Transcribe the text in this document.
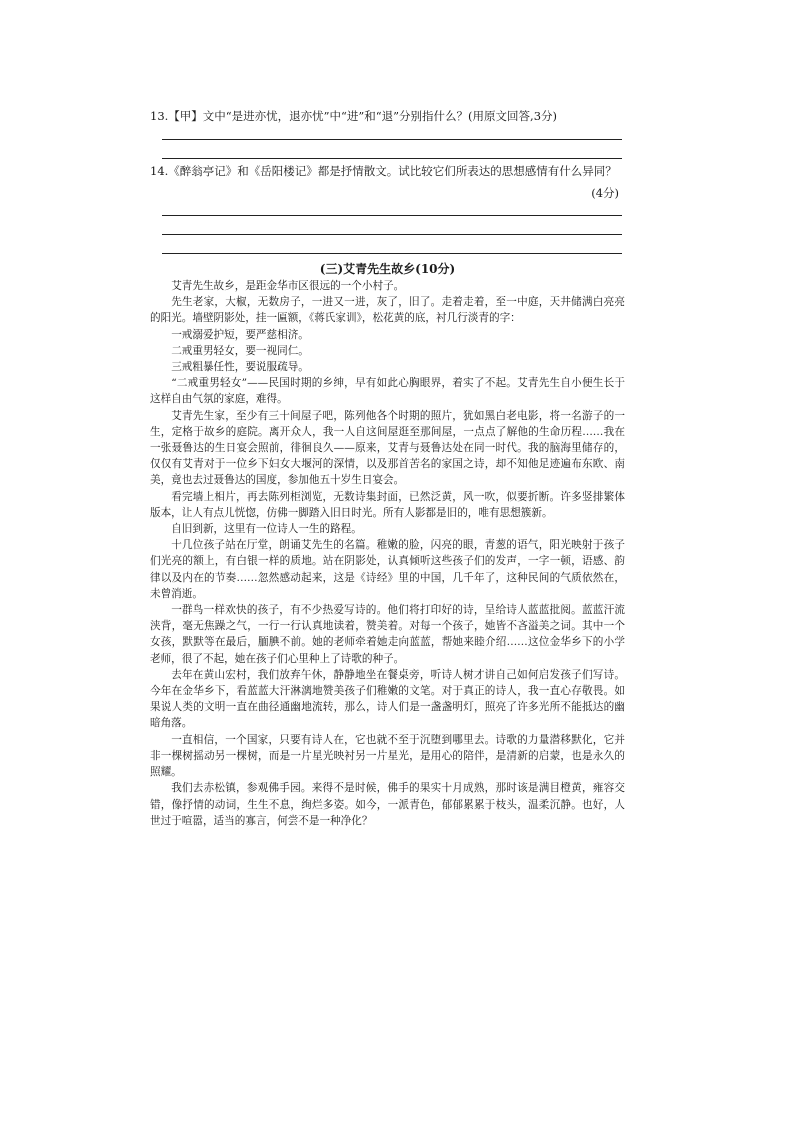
13.【甲】文中“是进亦忧，退亦忧”中“进”和“退”分别指什么？(用原文回答,3分)
14.《醉翁亭记》和《岳阳楼记》都是抒情散文。试比较它们所表达的思想感情有什么异同？
(4分)
(三)艾青先生故乡(10分)

艾青先生故乡，是距金华市区很远的一个小村子。

先生老家，大椒，无数房子，一进又一进，灰了，旧了。走着走着，至一中庭，天井储满白亮亮的阳光。墙壁阴影处，挂一匾额，《蒋氏家训》，松花黄的底，衬几行淡青的字：

一戒溺爱护短，要严慈相济。

二戒重男轻女，要一视同仁。

三戒粗暴任性，要说服疏导。

“二戒重男轻女”——民国时期的乡绅，早有如此心胸眼界，着实了不起。艾青先生自小便生长于这样自由气氛的家庭，难得。

艾青先生家，至少有三十间屋子吧，陈列他各个时期的照片，犹如黑白老电影，将一名游子的一生，定格于故乡的庭院。离开众人，我一人自这间屋逛至那间屋，一点点了解他的生命历程……我在一张聂鲁达的生日宴会照前，徘徊良久——原来，艾青与聂鲁达处在同一时代。我的脑海里储存的，仅仅有艾青对于一位乡下妇女大堰河的深情，以及那首苦名的家国之诗，却不知他足迹遍布东欧、南美，竟也去过聂鲁达的国度，参加他五十岁生日宴会。

看完墙上相片，再去陈列柜浏览，无数诗集封面，已然泛黄，风一吹，似要折断。许多竖排繁体版本，让人有点儿恍惚，仿佛一脚踏入旧日时光。所有人影都是旧的，唯有思想簇新。

自旧到新，这里有一位诗人一生的路程。

十几位孩子站在厅堂，朗诵艾先生的名篇。稚嫩的脸，闪亮的眼，青葱的语气，阳光映射于孩子们光亮的额上，有白银一样的质地。站在阴影处，认真倾听这些孩子们的发声，一字一顿，语感、韵律以及内在的节奏……忽然感动起来，这是《诗经》里的中国，几千年了，这种民间的气质依然在，未曾消逝。

一群鸟一样欢快的孩子，有不少热爱写诗的。他们将打印好的诗，呈给诗人蓝蓝批阅。蓝蓝汗流浃背，毫无焦躁之气，一行一行认真地读着，赞美着。对每一个孩子，她皆不吝溢美之词。其中一个女孩，默默等在最后，腼腆不前。她的老师牵着她走向蓝蓝，帮她来睦介绍……这位金华乡下的小学老师，很了不起，她在孩子们心里种上了诗歌的种子。

去年在黄山宏村，我们放弃午休，静静地坐在餐桌旁，听诗人树才讲自己如何启发孩子们写诗。今年在金华乡下，看蓝蓝大汗淋漓地赞美孩子们稚嫩的文笔。对于真正的诗人，我一直心存敬畏。如果说人类的文明一直在曲径通幽地流转，那么，诗人们是一盏盏明灯，照亮了许多光所不能抵达的幽暗角落。

一直相信，一个国家，只要有诗人在，它也就不至于沉堕到哪里去。诗歌的力量潜移默化，它并非一棵树摇动另一棵树，而是一片星光映衬另一片星光，是用心的陪伴，是清新的启蒙，也是永久的照耀。

我们去赤松镇，参观佛手园。来得不是时候，佛手的果实十月成熟，那时该是满目橙黄，雍容交错，像抒情的动词，生生不息，绚烂多姿。如今，一派青色，郁郁累累于枝头，温柔沉静。也好，人世过于喧嚣，适当的寡言，何尝不是一种净化？
